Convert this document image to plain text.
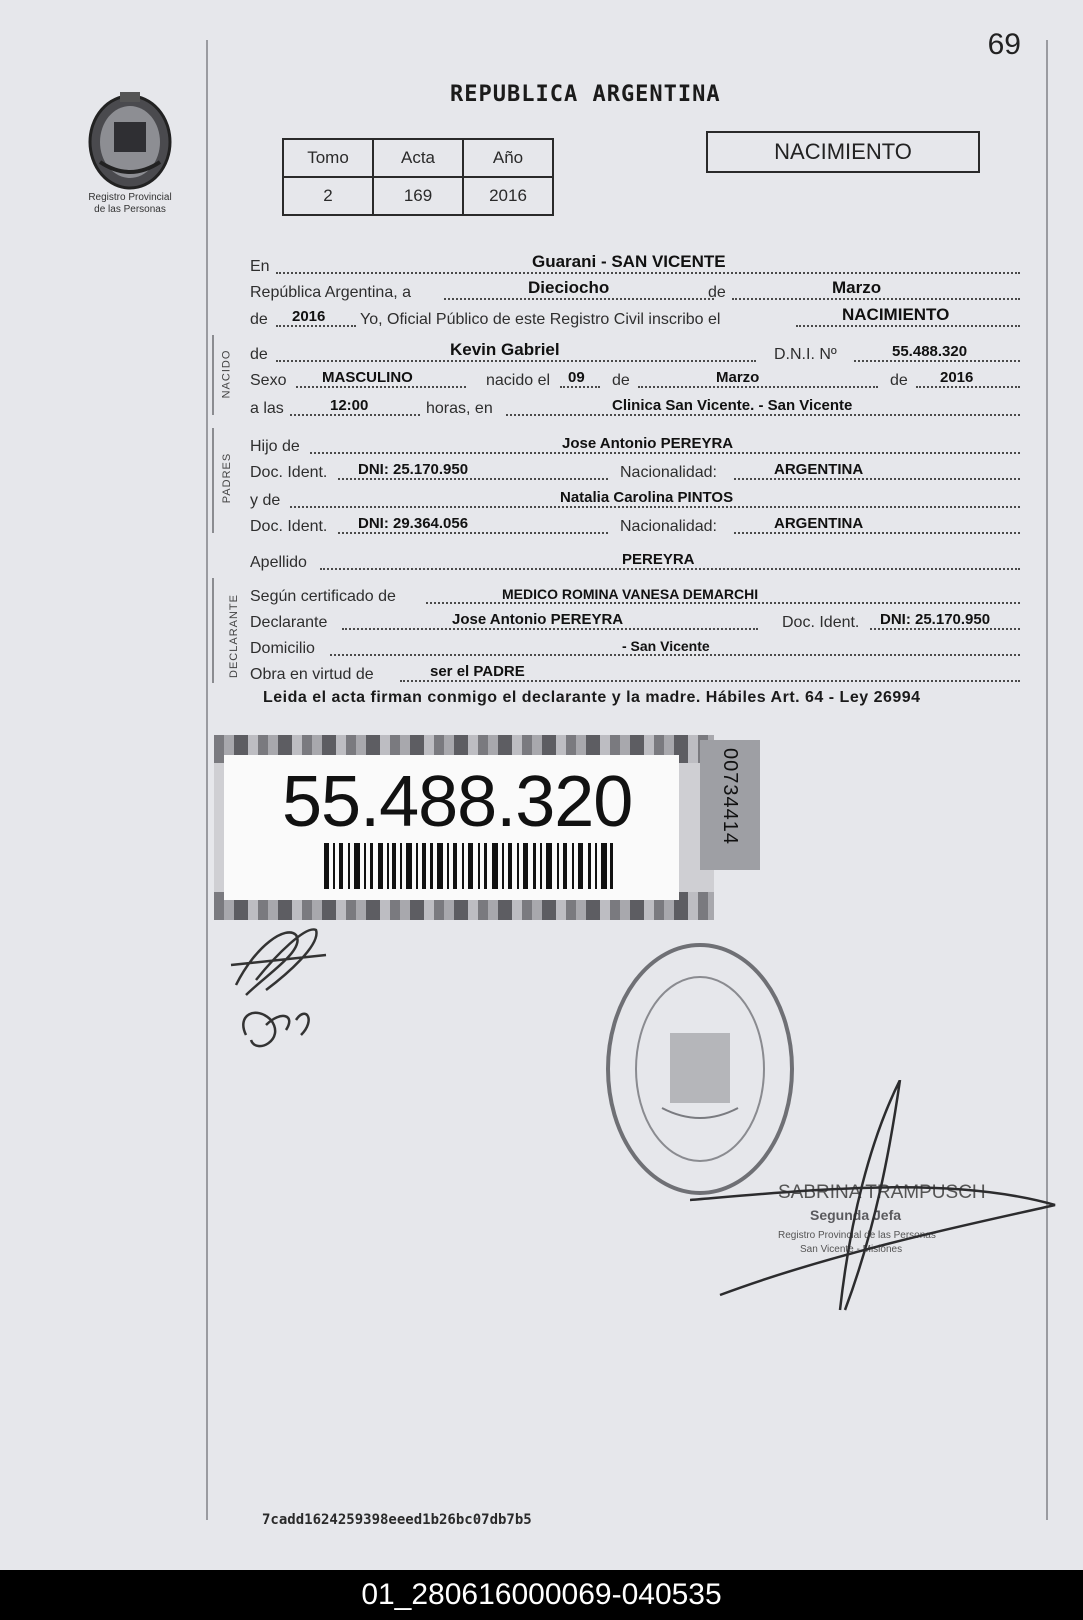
69
Registro Provincial
de las Personas
REPUBLICA ARGENTINA
Tomo	Acta	Año
2	169	2016
NACIMIENTO
NACIDO
PADRES
DECLARANTE
En	Guarani - SAN VICENTE
República Argentina, a	Dieciocho	de	Marzo
de 2016 Yo, Oficial Público de este Registro Civil inscribo el	NACIMIENTO
de	Kevin Gabriel	D.N.I. Nº	55.488.320
Sexo MASCULINO	nacido el 09 de	Marzo	de 2016
a las	12:00	horas, en	Clinica San Vicente. - San Vicente
Hijo de	Jose Antonio PEREYRA
Doc. Ident. DNI: 25.170.950	Nacionalidad:	ARGENTINA
y de	Natalia Carolina PINTOS
Doc. Ident. DNI: 29.364.056	Nacionalidad:	ARGENTINA
Apellido	PEREYRA
Según certificado de	MEDICO ROMINA VANESA DEMARCHI
Declarante	Jose Antonio PEREYRA	Doc. Ident. DNI: 25.170.950
Domicilio	- San Vicente
Obra en virtud de	ser el PADRE
Leida el acta firman conmigo el declarante y la madre. Hábiles Art. 64 - Ley 26994
55.488.320	00734414
SABRINA TRAMPUSCH
Segunda Jefa
Registro Provincial de las Personas
San Vicente - Misiones
7cadd1624259398eeed1b26bc07db7b5
01_280616000069-040535
